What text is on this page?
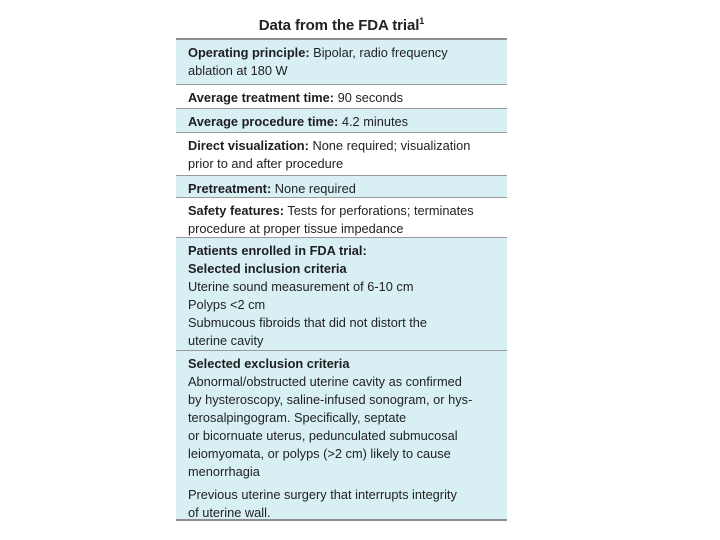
Data from the FDA trial$^1$
Operating principle: Bipolar, radio frequency
ablation at 180 W
Average treatment time: 90 seconds
Average procedure time: 4.2 minutes
Direct visualization: None required; visualization
prior to and after procedure
Pretreatment: None required
Safety features: Tests for perforations; terminates
procedure at proper tissue impedance
Patients enrolled in FDA trial:
Selected inclusion criteria
Uterine sound measurement of 6-10 cm
Polyps <2 cm
Submucous fibroids that did not distort the
uterine cavity
Selected exclusion criteria
Abnormal/obstructed uterine cavity as confirmed
by hysteroscopy, saline-infused sonogram, or hys-
terosalpingogram. Specifically, septate
or bicornuate uterus, pedunculated submucosal
leiomyomata, or polyps (>2 cm) likely to cause
menorrhagia
Previous uterine surgery that interrupts integrity
of uterine wall.
